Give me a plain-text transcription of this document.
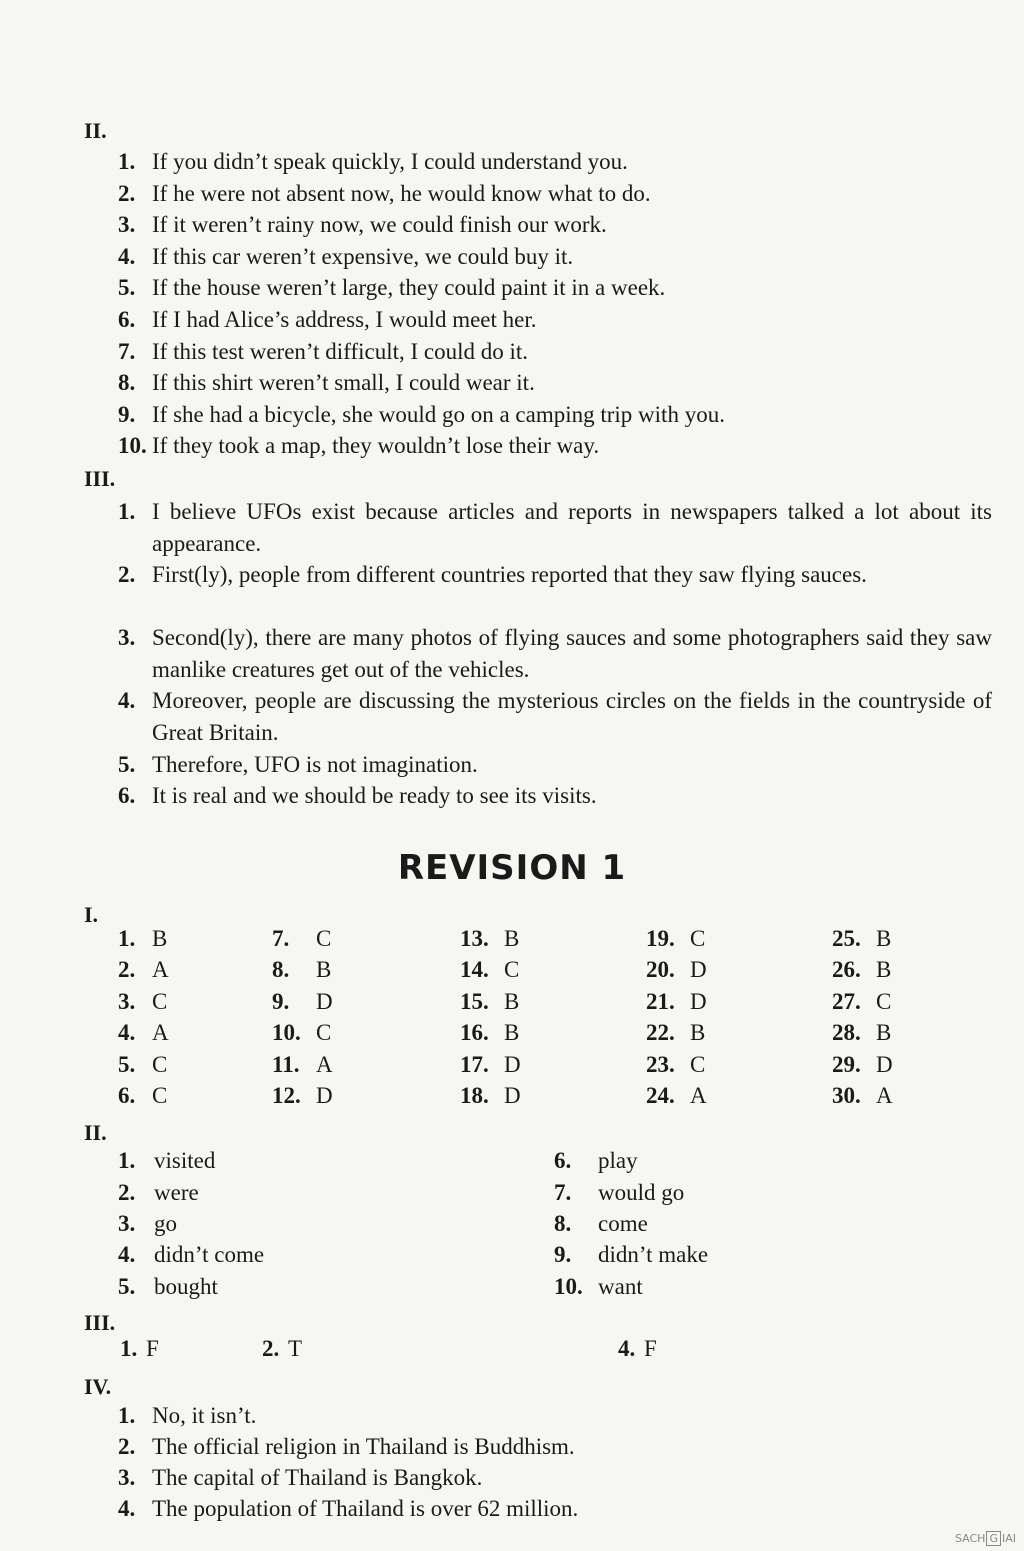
II.
1. If you didn’t speak quickly, I could understand you.
2. If he were not absent now, he would know what to do.
3. If it weren’t rainy now, we could finish our work.
4. If this car weren’t expensive, we could buy it.
5. If the house weren’t large, they could paint it in a week.
6. If I had Alice’s address, I would meet her.
7. If this test weren’t difficult, I could do it.
8. If this shirt weren’t small, I could wear it.
9. If she had a bicycle, she would go on a camping trip with you.
10. If they took a map, they wouldn’t lose their way.
III.
1. I believe UFOs exist because articles and reports in newspapers talked a lot about its appearance.
2. First(ly), people from different countries reported that they saw flying sauces.
3. Second(ly), there are many photos of flying sauces and some photographers said they saw manlike creatures get out of the vehicles.
4. Moreover, people are discussing the mysterious circles on the fields in the countryside of Great Britain.
5. Therefore, UFO is not imagination.
6. It is real and we should be ready to see its visits.
REVISION 1
I.
1. B
2. A
3. C
4. A
5. C
6. C
7. C
8. B
9. D
10. C
11. A
12. D
13. B
14. C
15. B
16. B
17. D
18. D
19. C
20. D
21. D
22. B
23. C
24. A
25. B
26. B
27. C
28. B
29. D
30. A
II.
1. visited
2. were
3. go
4. didn’t come
5. bought
6. play
7. would go
8. come
9. didn’t make
10. want
III.
1. F	2. T	4. F
IV.
1. No, it isn’t.
2. The official religion in Thailand is Buddhism.
3. The capital of Thailand is Bangkok.
4. The population of Thailand is over 62 million.
SACH G IAI
